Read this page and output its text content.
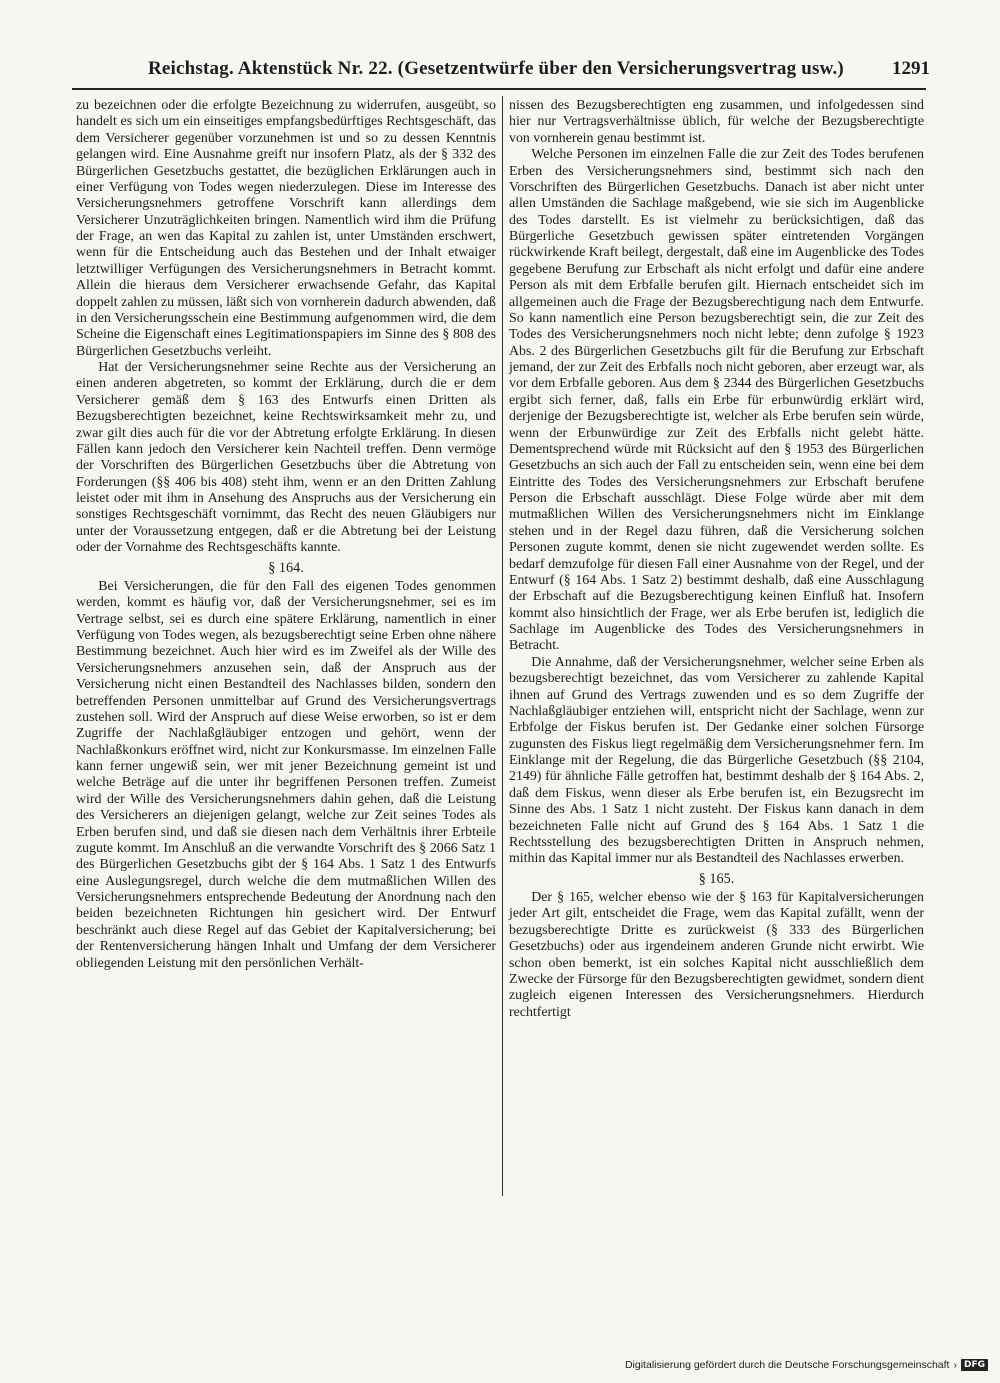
Reichstag. Aktenstück Nr. 22. (Gesetzentwürfe über den Versicherungsvertrag usw.)	1291

zu bezeichnen oder die erfolgte Bezeichnung zu widerrufen, ausgeübt, so handelt es sich um ein einseitiges empfangsbedürftiges Rechtsgeschäft, das dem Versicherer gegenüber vorzunehmen ist und so zu dessen Kenntnis gelangen wird. Eine Ausnahme greift nur insofern Platz, als der § 332 des Bürgerlichen Gesetzbuchs gestattet, die bezüglichen Erklärungen auch in einer Verfügung von Todes wegen niederzulegen. Diese im Interesse des Versicherungsnehmers getroffene Vorschrift kann allerdings dem Versicherer Unzuträglichkeiten bringen. Namentlich wird ihm die Prüfung der Frage, an wen das Kapital zu zahlen ist, unter Umständen erschwert, wenn für die Entscheidung auch das Bestehen und der Inhalt etwaiger letztwilliger Verfügungen des Versicherungsnehmers in Betracht kommt. Allein die hieraus dem Versicherer erwachsende Gefahr, das Kapital doppelt zahlen zu müssen, läßt sich von vornherein dadurch abwenden, daß in den Versicherungsschein eine Bestimmung aufgenommen wird, die dem Scheine die Eigenschaft eines Legitimationspapiers im Sinne des § 808 des Bürgerlichen Gesetzbuchs verleiht.

Hat der Versicherungsnehmer seine Rechte aus der Versicherung an einen anderen abgetreten, so kommt der Erklärung, durch die er dem Versicherer gemäß dem § 163 des Entwurfs einen Dritten als Bezugsberechtigten bezeichnet, keine Rechtswirksamkeit mehr zu, und zwar gilt dies auch für die vor der Abtretung erfolgte Erklärung. In diesen Fällen kann jedoch den Versicherer kein Nachteil treffen. Denn vermöge der Vorschriften des Bürgerlichen Gesetzbuchs über die Abtretung von Forderungen (§§ 406 bis 408) steht ihm, wenn er an den Dritten Zahlung leistet oder mit ihm in Ansehung des Anspruchs aus der Versicherung ein sonstiges Rechtsgeschäft vornimmt, das Recht des neuen Gläubigers nur unter der Voraussetzung entgegen, daß er die Abtretung bei der Leistung oder der Vornahme des Rechtsgeschäfts kannte.

§ 164.

Bei Versicherungen, die für den Fall des eigenen Todes genommen werden, kommt es häufig vor, daß der Versicherungsnehmer, sei es im Vertrage selbst, sei es durch eine spätere Erklärung, namentlich in einer Verfügung von Todes wegen, als bezugsberechtigt seine Erben ohne nähere Bestimmung bezeichnet. Auch hier wird es im Zweifel als der Wille des Versicherungsnehmers anzusehen sein, daß der Anspruch aus der Versicherung nicht einen Bestandteil des Nachlasses bilden, sondern den betreffenden Personen unmittelbar auf Grund des Versicherungsvertrags zustehen soll. Wird der Anspruch auf diese Weise erworben, so ist er dem Zugriffe der Nachlaßgläubiger entzogen und gehört, wenn der Nachlaßkonkurs eröffnet wird, nicht zur Konkursmasse. Im einzelnen Falle kann ferner ungewiß sein, wer mit jener Bezeichnung gemeint ist und welche Beträge auf die unter ihr begriffenen Personen treffen. Zumeist wird der Wille des Versicherungsnehmers dahin gehen, daß die Leistung des Versicherers an diejenigen gelangt, welche zur Zeit seines Todes als Erben berufen sind, und daß sie diesen nach dem Verhältnis ihrer Erbteile zugute kommt. Im Anschluß an die verwandte Vorschrift des § 2066 Satz 1 des Bürgerlichen Gesetzbuchs gibt der § 164 Abs. 1 Satz 1 des Entwurfs eine Auslegungsregel, durch welche die dem mutmaßlichen Willen des Versicherungsnehmers entsprechende Bedeutung der Anordnung nach den beiden bezeichneten Richtungen hin gesichert wird. Der Entwurf beschränkt auch diese Regel auf das Gebiet der Kapitalversicherung; bei der Rentenversicherung hängen Inhalt und Umfang der dem Versicherer obliegenden Leistung mit den persönlichen Verhält-

nissen des Bezugsberechtigten eng zusammen, und infolgedessen sind hier nur Vertragsverhältnisse üblich, für welche der Bezugsberechtigte von vornherein genau bestimmt ist.

Welche Personen im einzelnen Falle die zur Zeit des Todes berufenen Erben des Versicherungsnehmers sind, bestimmt sich nach den Vorschriften des Bürgerlichen Gesetzbuchs. Danach ist aber nicht unter allen Umständen die Sachlage maßgebend, wie sie sich im Augenblicke des Todes darstellt. Es ist vielmehr zu berücksichtigen, daß das Bürgerliche Gesetzbuch gewissen später eintretenden Vorgängen rückwirkende Kraft beilegt, dergestalt, daß eine im Augenblicke des Todes gegebene Berufung zur Erbschaft als nicht erfolgt und dafür eine andere Person als mit dem Erbfalle berufen gilt. Hiernach entscheidet sich im allgemeinen auch die Frage der Bezugsberechtigung nach dem Entwurfe. So kann namentlich eine Person bezugsberechtigt sein, die zur Zeit des Todes des Versicherungsnehmers noch nicht lebte; denn zufolge § 1923 Abs. 2 des Bürgerlichen Gesetzbuchs gilt für die Berufung zur Erbschaft jemand, der zur Zeit des Erbfalls noch nicht geboren, aber erzeugt war, als vor dem Erbfalle geboren. Aus dem § 2344 des Bürgerlichen Gesetzbuchs ergibt sich ferner, daß, falls ein Erbe für erbunwürdig erklärt wird, derjenige der Bezugsberechtigte ist, welcher als Erbe berufen sein würde, wenn der Erbunwürdige zur Zeit des Erbfalls nicht gelebt hätte. Dementsprechend würde mit Rücksicht auf den § 1953 des Bürgerlichen Gesetzbuchs an sich auch der Fall zu entscheiden sein, wenn eine bei dem Eintritte des Todes des Versicherungsnehmers zur Erbschaft berufene Person die Erbschaft ausschlägt. Diese Folge würde aber mit dem mutmaßlichen Willen des Versicherungsnehmers nicht im Einklange stehen und in der Regel dazu führen, daß die Versicherung solchen Personen zugute kommt, denen sie nicht zugewendet werden sollte. Es bedarf demzufolge für diesen Fall einer Ausnahme von der Regel, und der Entwurf (§ 164 Abs. 1 Satz 2) bestimmt deshalb, daß eine Ausschlagung der Erbschaft auf die Bezugsberechtigung keinen Einfluß hat. Insofern kommt also hinsichtlich der Frage, wer als Erbe berufen ist, lediglich die Sachlage im Augenblicke des Todes des Versicherungsnehmers in Betracht.

Die Annahme, daß der Versicherungsnehmer, welcher seine Erben als bezugsberechtigt bezeichnet, das vom Versicherer zu zahlende Kapital ihnen auf Grund des Vertrags zuwenden und es so dem Zugriffe der Nachlaßgläubiger entziehen will, entspricht nicht der Sachlage, wenn zur Erbfolge der Fiskus berufen ist. Der Gedanke einer solchen Fürsorge zugunsten des Fiskus liegt regelmäßig dem Versicherungsnehmer fern. Im Einklange mit der Regelung, die das Bürgerliche Gesetzbuch (§§ 2104, 2149) für ähnliche Fälle getroffen hat, bestimmt deshalb der § 164 Abs. 2, daß dem Fiskus, wenn dieser als Erbe berufen ist, ein Bezugsrecht im Sinne des Abs. 1 Satz 1 nicht zusteht. Der Fiskus kann danach in dem bezeichneten Falle nicht auf Grund des § 164 Abs. 1 Satz 1 die Rechtsstellung des bezugsberechtigten Dritten in Anspruch nehmen, mithin das Kapital immer nur als Bestandteil des Nachlasses erwerben.

§ 165.

Der § 165, welcher ebenso wie der § 163 für Kapitalversicherungen jeder Art gilt, entscheidet die Frage, wem das Kapital zufällt, wenn der bezugsberechtigte Dritte es zurückweist (§ 333 des Bürgerlichen Gesetzbuchs) oder aus irgendeinem anderen Grunde nicht erwirbt. Wie schon oben bemerkt, ist ein solches Kapital nicht ausschließlich dem Zwecke der Fürsorge für den Bezugsberechtigten gewidmet, sondern dient zugleich eigenen Interessen des Versicherungsnehmers. Hierdurch rechtfertigt

Digitalisierung gefördert durch die Deutsche Forschungsgemeinschaft › DFG
